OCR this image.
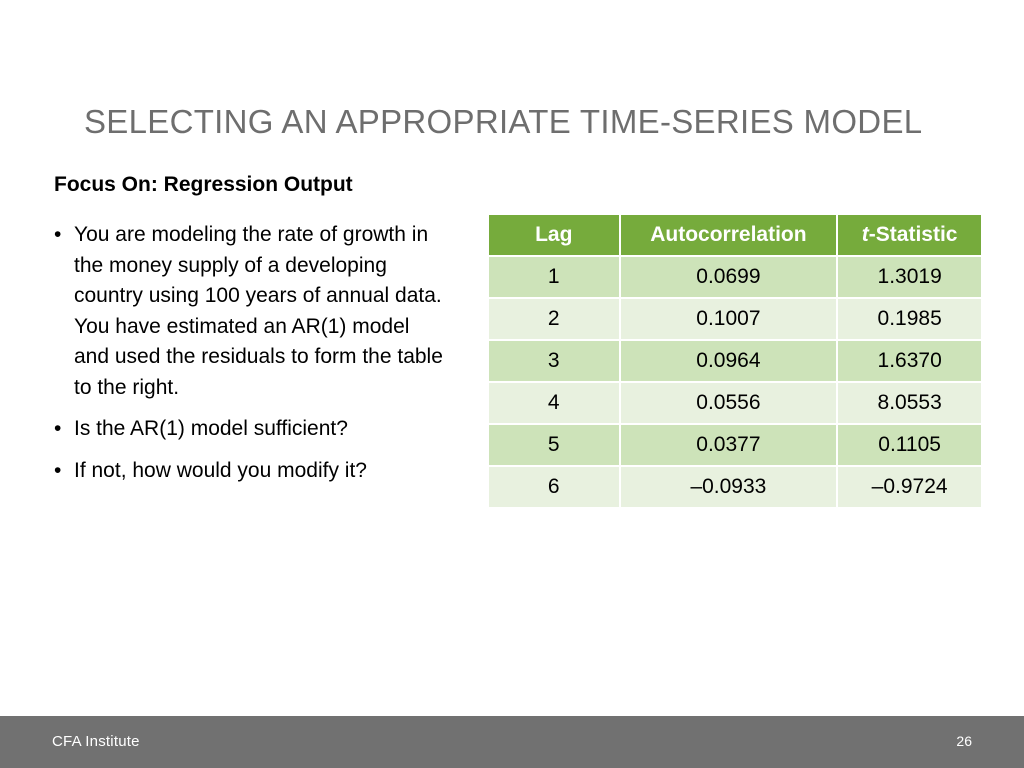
SELECTING AN APPROPRIATE TIME-SERIES MODEL
Focus On: Regression Output
• You are modeling the rate of growth in the money supply of a developing country using 100 years of annual data. You have estimated an AR(1) model and used the residuals to form the table to the right.
• Is the AR(1) model sufficient?
• If not, how would you modify it?
Lag	Autocorrelation	t-Statistic
1	0.0699	1.3019
2	0.1007	0.1985
3	0.0964	1.6370
4	0.0556	8.0553
5	0.0377	0.1105
6	–0.0933	–0.9724
CFA Institute	26
